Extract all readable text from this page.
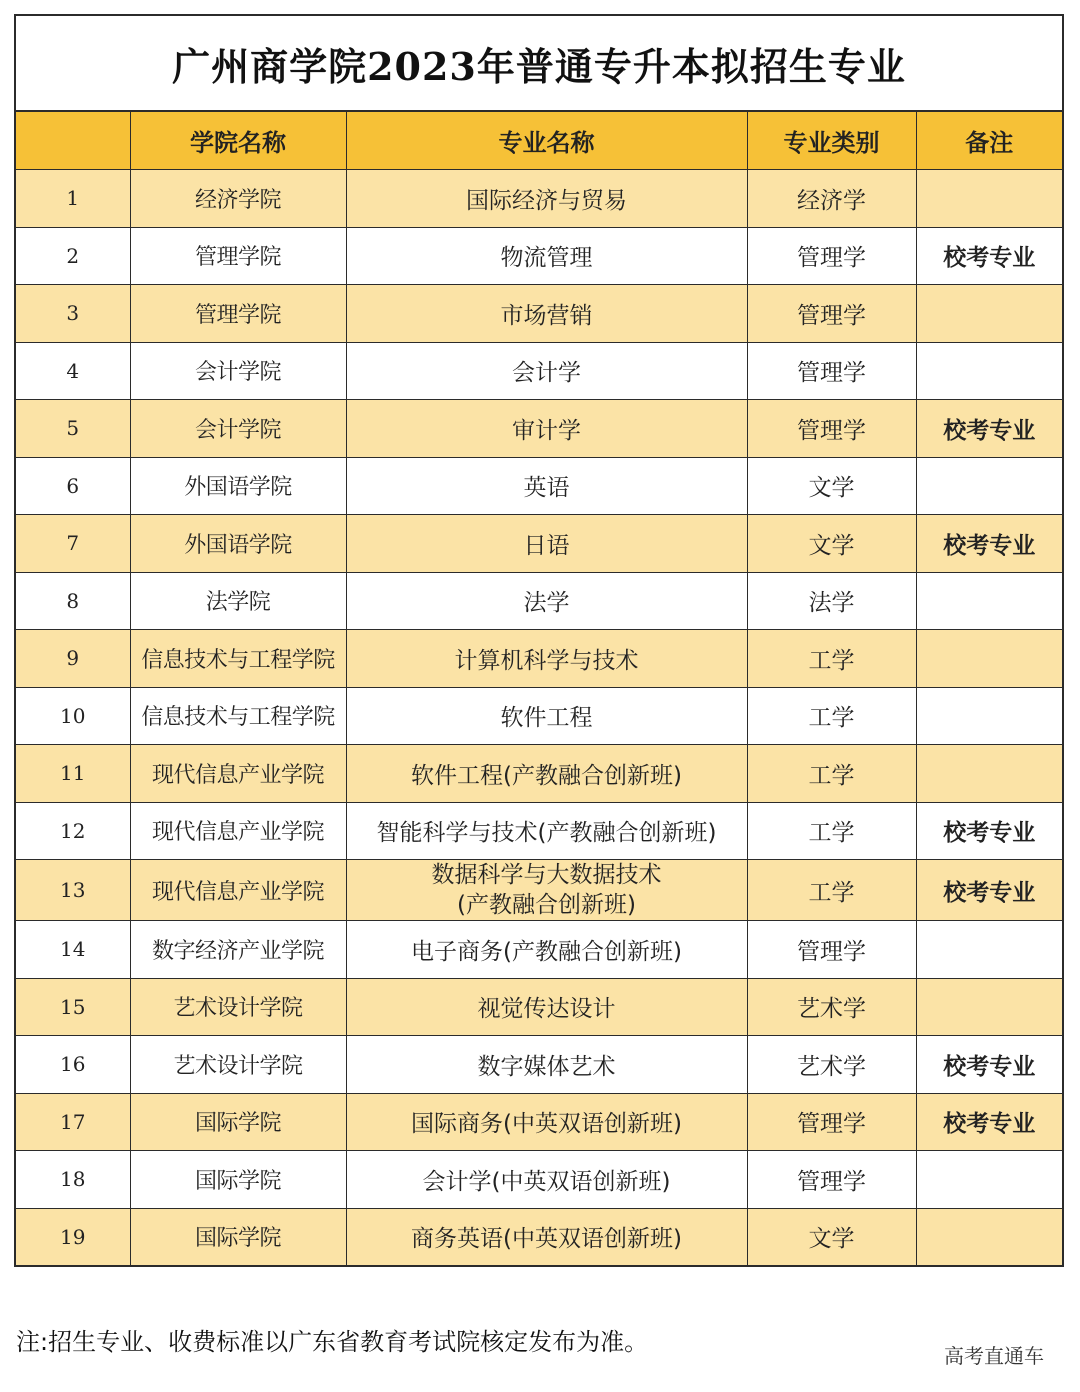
广州商学院2023年普通专升本拟招生专业
	学院名称	专业名称	专业类别	备注
1	经济学院	国际经济与贸易	经济学	
2	管理学院	物流管理	管理学	校考专业
3	管理学院	市场营销	管理学	
4	会计学院	会计学	管理学	
5	会计学院	审计学	管理学	校考专业
6	外国语学院	英语	文学	
7	外国语学院	日语	文学	校考专业
8	法学院	法学	法学	
9	信息技术与工程学院	计算机科学与技术	工学	
10	信息技术与工程学院	软件工程	工学	
11	现代信息产业学院	软件工程(产教融合创新班)	工学	
12	现代信息产业学院	智能科学与技术(产教融合创新班)	工学	校考专业
13	现代信息产业学院	数据科学与大数据技术
(产教融合创新班)	工学	校考专业
14	数字经济产业学院	电子商务(产教融合创新班)	管理学	
15	艺术设计学院	视觉传达设计	艺术学	
16	艺术设计学院	数字媒体艺术	艺术学	校考专业
17	国际学院	国际商务(中英双语创新班)	管理学	校考专业
18	国际学院	会计学(中英双语创新班)	管理学	
19	国际学院	商务英语(中英双语创新班)	文学	
注:招生专业、收费标准以广东省教育考试院核定发布为准。	高考直通车
